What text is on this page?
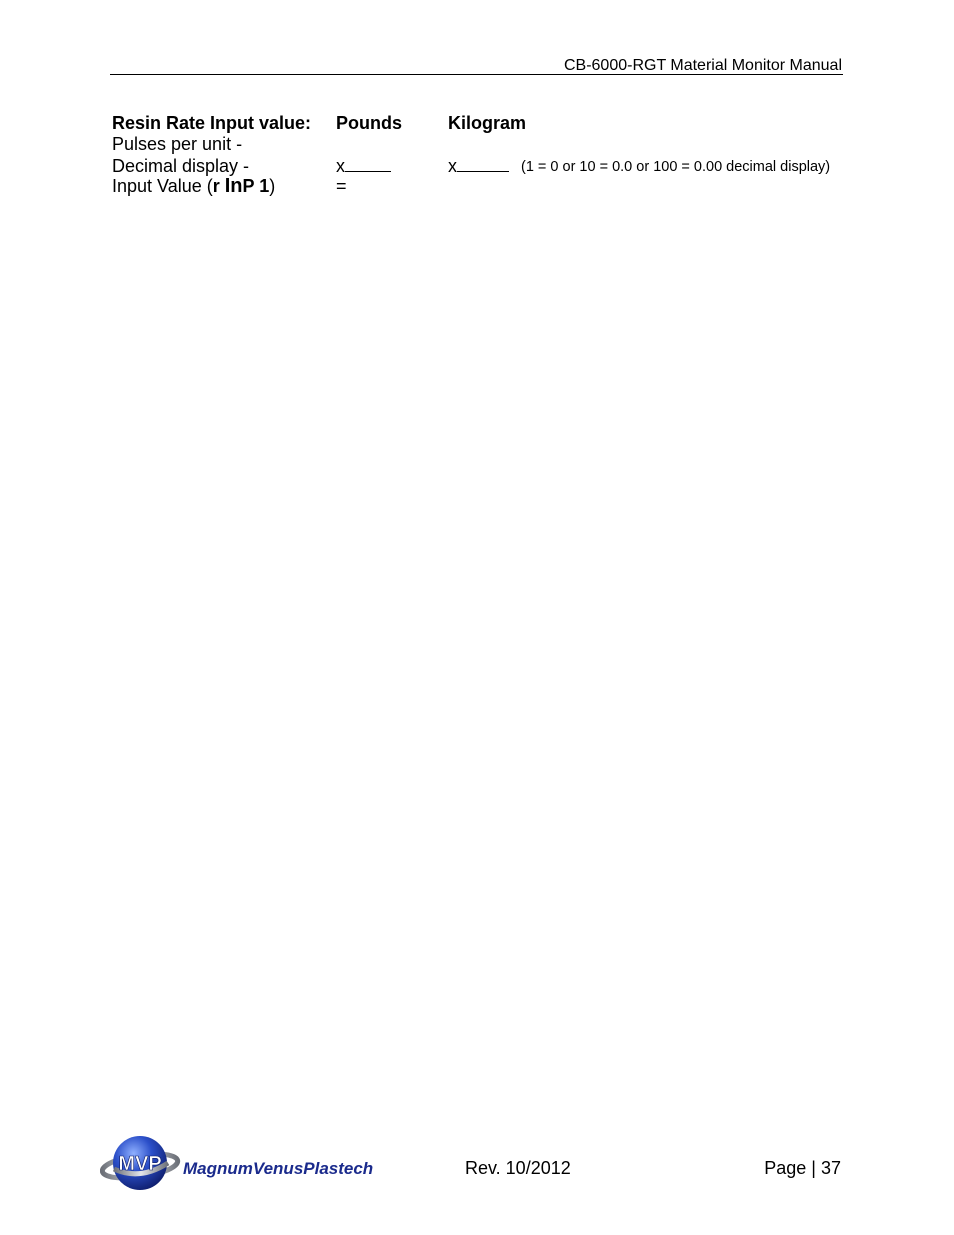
CB-6000-RGT Material Monitor Manual
Resin Rate Input value: Pounds	Kilogram
Pulses per unit -
Decimal display -	x	x	(1 = 0 or 10 = 0.0 or 100 = 0.00 decimal display)
Input Value (r InP 1)	=
MVP MagnumVenusPlastech	Rev. 10/2012	Page | 37
